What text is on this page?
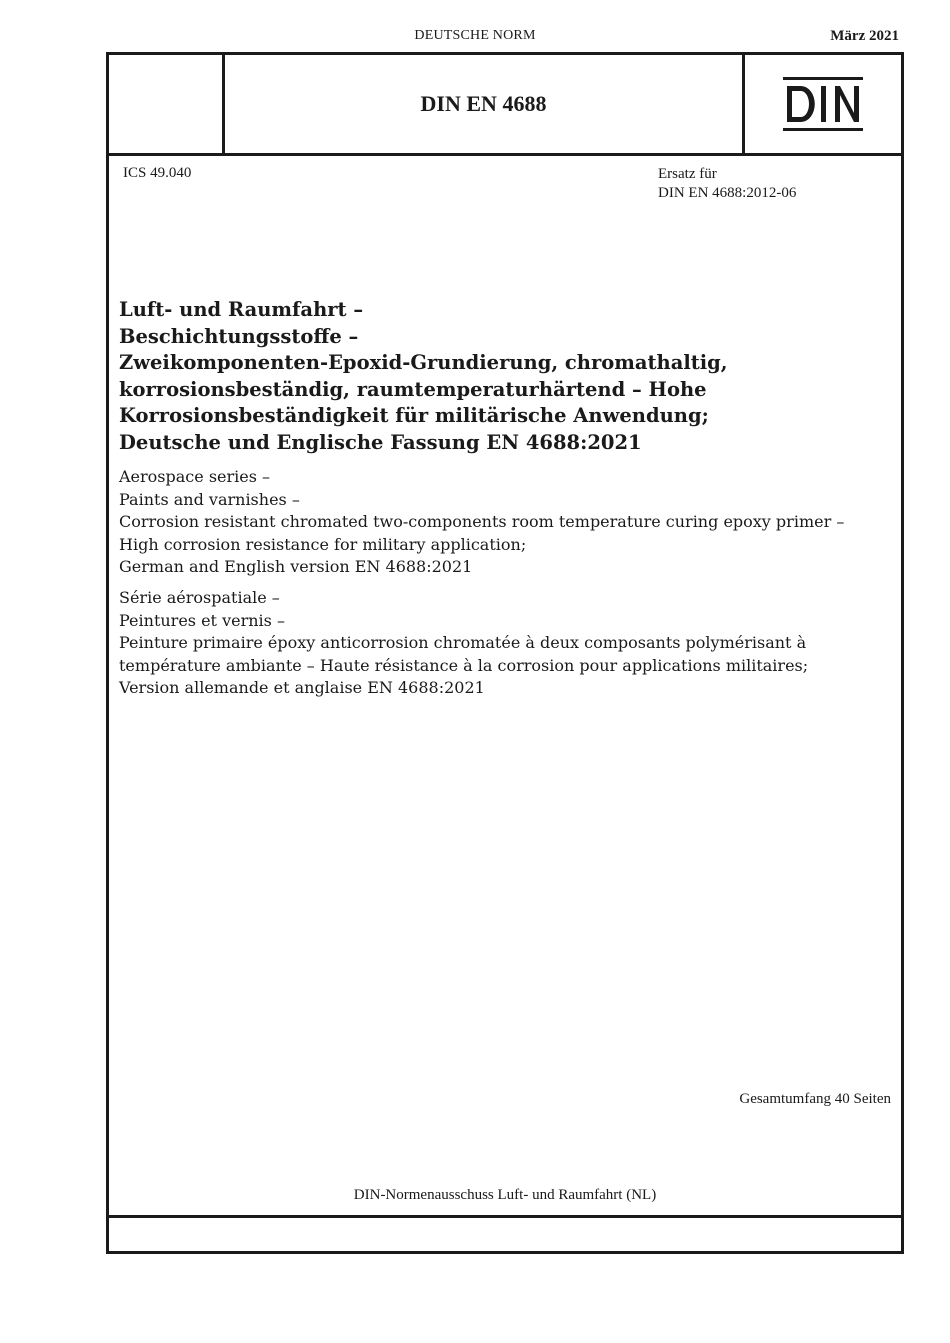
DEUTSCHE NORM	März 2021
DIN EN 4688
ICS 49.040	Ersatz für
DIN EN 4688:2012-06
Luft- und Raumfahrt –
Beschichtungsstoffe –
Zweikomponenten-Epoxid-Grundierung, chromathaltig,
korrosionsbeständig, raumtemperaturhärtend – Hohe
Korrosionsbeständigkeit für militärische Anwendung;
Deutsche und Englische Fassung EN 4688:2021
Aerospace series –
Paints and varnishes –
Corrosion resistant chromated two-components room temperature curing epoxy primer –
High corrosion resistance for military application;
German and English version EN 4688:2021
Série aérospatiale –
Peintures et vernis –
Peinture primaire époxy anticorrosion chromatée à deux composants polymérisant à
température ambiante – Haute résistance à la corrosion pour applications militaires;
Version allemande et anglaise EN 4688:2021
Gesamtumfang 40 Seiten
DIN-Normenausschuss Luft- und Raumfahrt (NL)
